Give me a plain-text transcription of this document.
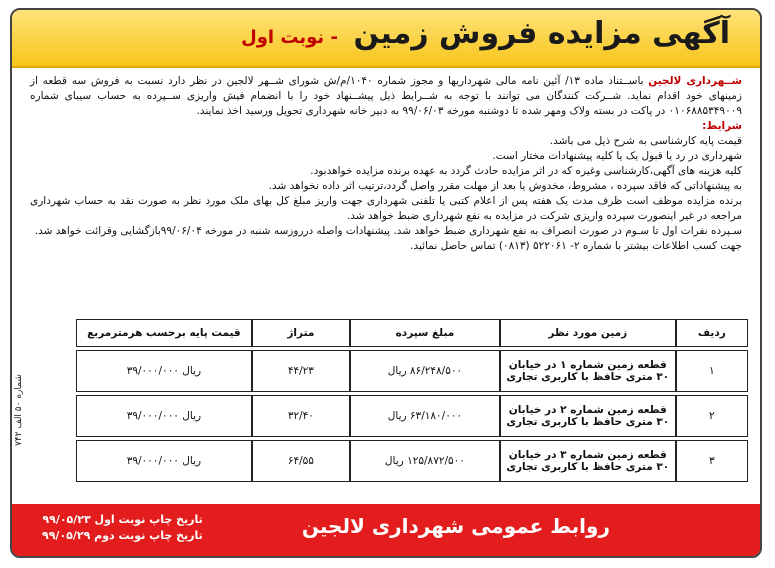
آگهی مزایده فروش زمین - نوبت اول

شــهرداری لالجین باســتناد ماده ۱۳/ آئین نامه مالی شهرداریها و مجوز شماره ۱۰۴۰/م/ش شورای شــهر لالجین در نظر دارد نسبت به فروش سه قطعه از زمینهای خود اقدام نماید. شــرکت کنندگان می توانند با توجه به شــرایط ذیل پیشــنهاد خود را با انضمام فیش واریزی ســپرده به حساب سیبای شماره ۰۱۰۶۸۸۵۳۴۹۰۰۹ در پاکت در بسته ولاک ومهر شده تا دوشنبه مورخه ۹۹/۰۶/۰۳ به دبیر خانه شهرداری تحویل ورسید اخذ نمایند.

شرایط:

قیمت پایه کارشناسی به شرح ذیل می باشد.

شهرداری در رد یا قبول یک یا کلیه پیشنهادات مختار است.

کلیه هزینه های آگهی،کارشناسی وغیره که در اثر مزایده حادث گردد به عهده برنده مزایده خواهدبود.

به پیشنهاداتی که فاقد سپرده ، مشروط، مخدوش یا بعد از مهلت مقرر واصل گردد،ترتیب اثر داده نخواهد شد.

برنده مزایده موظف است ظرف مدت یک هفته پس از اعلام کتبی یا تلفنی شهرداری جهت واریز مبلغ کل بهای ملک مورد نظر به صورت نقد به حساب شهرداری مراجعه در غیر اینصورت سپرده واریزی شرکت در مزایده به نفع شهرداری ضبط خواهد شد.

سـپرده نفرات اول تا سـوم در صورت انصراف به نفع شهرداری ضبط خواهد شد. پیشنهادات واصله درروزسه شنبه در مورخه ۹۹/۰۶/۰۴بازگشایی وقرائت خواهد شد.

جهت کسب اطلاعات بیشتر با شماره ۲- ۵۲۲۰۶۱ (۰۸۱۳) تماس حاصل نمائید.

ردیف	زمین مورد نظر	مبلغ سپرده	متراژ	قیمت پایه برحسب هرمترمربع
۱	قطعه زمین شماره ۱ در خیابان ۳۰ متری حافظ با کاربری تجاری	۸۶/۲۴۸/۵۰۰ ریال	۴۴/۲۳	ریال ۳۹/۰۰۰/۰۰۰
۲	قطعه زمین شماره ۲ در خیابان ۳۰ متری حافظ با کاربری تجاری	۶۳/۱۸۰/۰۰۰ ریال	۳۲/۴۰	ریال ۳۹/۰۰۰/۰۰۰
۳	قطعه زمین شماره ۳ در خیابان ۳۰ متری حافظ با کاربری تجاری	۱۲۵/۸۷۲/۵۰۰ ریال	۶۴/۵۵	ریال ۳۹/۰۰۰/۰۰۰
شماره ۵۰ الف ۷۴۲
روابط عمومی شهرداری لالجین
تاریخ چاپ نوبت اول ۹۹/۰۵/۲۳
تاریخ چاپ نوبت دوم ۹۹/۰۵/۲۹
